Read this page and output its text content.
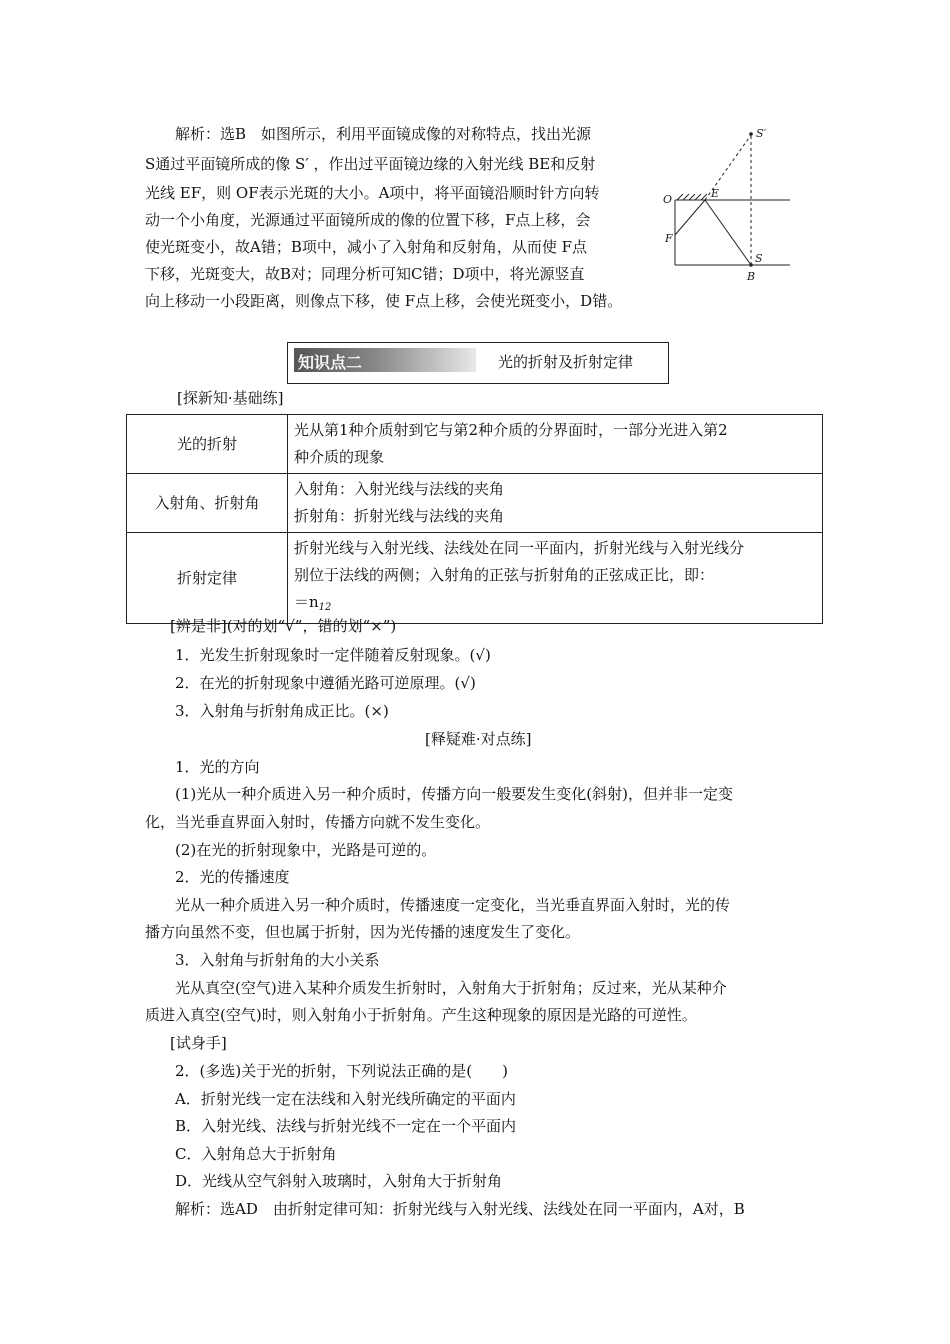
解析：选B　如图所示，利用平面镜成像的对称特点，找出光源
S通过平面镜所成的像 S′ ，作出过平面镜边缘的入射光线 BE和反射
光线 EF，则 OF表示光斑的大小。A项中，将平面镜沿顺时针方向转
动一个小角度，光源通过平面镜所成的像的位置下移，F点上移，会
使光斑变小，故A错；B项中，减小了入射角和反射角，从而使 F点
下移，光斑变大，故B对；同理分析可知C错；D项中，将光源竖直
向上移动一小段距离，则像点下移，使 F点上移，会使光斑变小，D错。
S′
O	E
F
S
B
知识点二	光的折射及折射定律
[探新知·基础练]
光的折射	光从第1种介质射到它与第2种介质的分界面时，一部分光进入第2
种介质的现象

入射角、折射角	入射角：入射光线与法线的夹角
折射角：折射光线与法线的夹角

折射定律	折射光线与入射光线、法线处在同一平面内，折射光线与入射光线分
别位于法线的两侧；入射角的正弦与折射角的正弦成正比，即：
$=n_{12}$
[辨是非](对的划“√”，错的划“×”)
1．光发生折射现象时一定伴随着反射现象。(√)
2．在光的折射现象中遵循光路可逆原理。(√)
3．入射角与折射角成正比。(×)
[释疑难·对点练]
1．光的方向
(1)光从一种介质进入另一种介质时，传播方向一般要发生变化(斜射)，但并非一定变
化，当光垂直界面入射时，传播方向就不发生变化。
(2)在光的折射现象中，光路是可逆的。
2．光的传播速度
光从一种介质进入另一种介质时，传播速度一定变化，当光垂直界面入射时，光的传
播方向虽然不变，但也属于折射，因为光传播的速度发生了变化。
3．入射角与折射角的大小关系
光从真空(空气)进入某种介质发生折射时，入射角大于折射角；反过来，光从某种介
质进入真空(空气)时，则入射角小于折射角。产生这种现象的原因是光路的可逆性。
[试身手]
2．(多选)关于光的折射，下列说法正确的是(　　)
A．折射光线一定在法线和入射光线所确定的平面内
B．入射光线、法线与折射光线不一定在一个平面内
C．入射角总大于折射角
D．光线从空气斜射入玻璃时，入射角大于折射角
解析：选AD　由折射定律可知：折射光线与入射光线、法线处在同一平面内，A对，B
